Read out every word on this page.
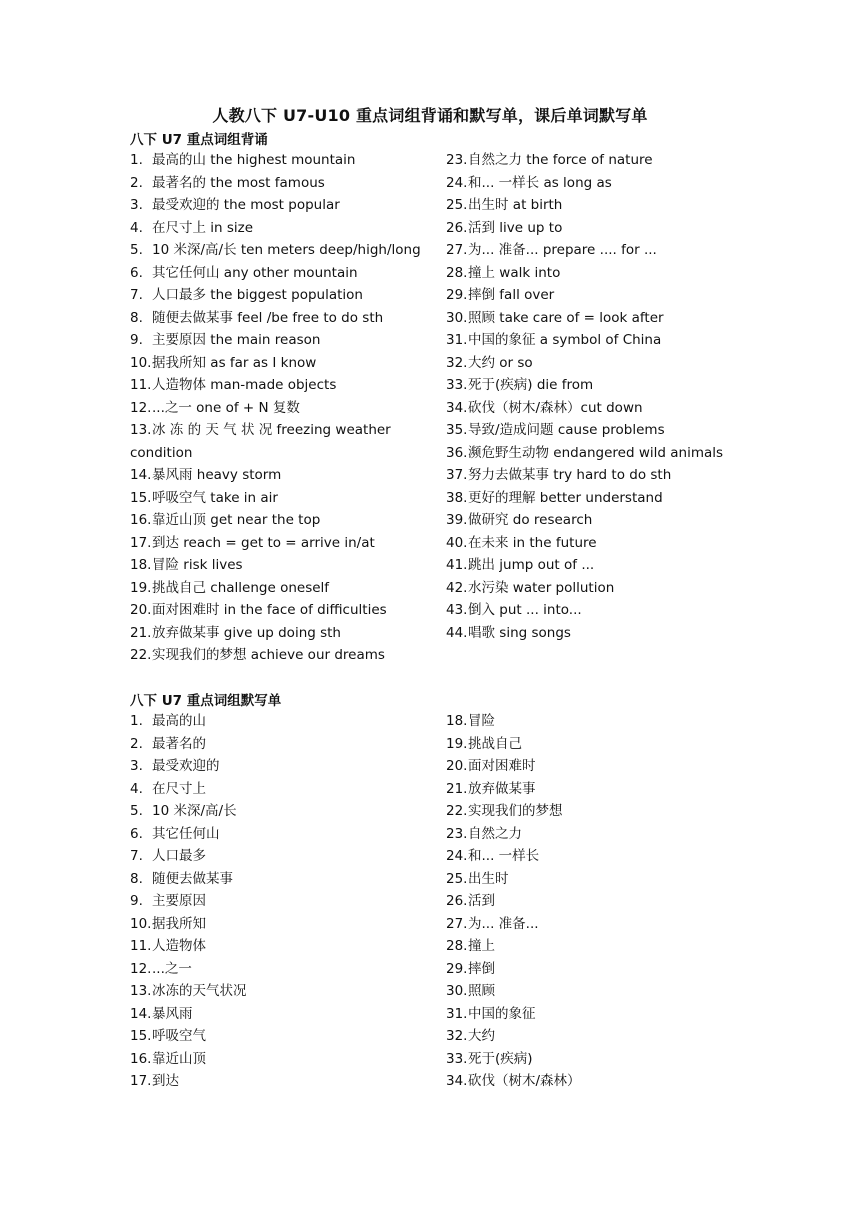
人教八下 U7-U10 重点词组背诵和默写单，课后单词默写单
八下 U7 重点词组背诵
1. 最高的山 the highest mountain
2. 最著名的 the most famous
3. 最受欢迎的 the most popular
4. 在尺寸上 in size
5. 10 米深/高/长 ten meters deep/high/long
6. 其它任何山 any other mountain
7. 人口最多 the biggest population
8. 随便去做某事 feel /be free to do sth
9. 主要原因 the main reason
10.据我所知 as far as I know
11.人造物体 man-made objects
12....之一 one of + N 复数
13. 冰 冻 的 天 气 状 况 freezing weather
condition
14.暴风雨 heavy storm
15.呼吸空气 take in air
16.靠近山顶 get near the top
17.到达 reach = get to = arrive in/at
18.冒险 risk lives
19.挑战自己 challenge oneself
20.面对困难时 in the face of difficulties
21.放弃做某事 give up doing sth
22.实现我们的梦想 achieve our dreams
23.自然之力 the force of nature
24.和... 一样长 as long as
25.出生时 at birth
26.活到 live up to
27.为... 准备... prepare .... for ...
28.撞上 walk into
29.摔倒 fall over
30.照顾 take care of = look after
31.中国的象征 a symbol of China
32.大约 or so
33.死于(疾病) die from
34.砍伐（树木/森林）cut down
35.导致/造成问题 cause problems
36.濒危野生动物 endangered wild animals
37.努力去做某事 try hard to do sth
38.更好的理解 better understand
39.做研究 do research
40.在未来 in the future
41.跳出 jump out of ...
42.水污染 water pollution
43.倒入 put ... into...
44.唱歌 sing songs
八下 U7 重点词组默写单
1. 最高的山
2. 最著名的
3. 最受欢迎的
4. 在尺寸上
5. 10 米深/高/长
6. 其它任何山
7. 人口最多
8. 随便去做某事
9. 主要原因
10.据我所知
11.人造物体
12....之一
13.冰冻的天气状况
14.暴风雨
15.呼吸空气
16.靠近山顶
17.到达
18.冒险
19.挑战自己
20.面对困难时
21.放弃做某事
22.实现我们的梦想
23.自然之力
24.和... 一样长
25.出生时
26.活到
27.为... 准备...
28.撞上
29.摔倒
30.照顾
31.中国的象征
32.大约
33.死于(疾病)
34.砍伐（树木/森林）
